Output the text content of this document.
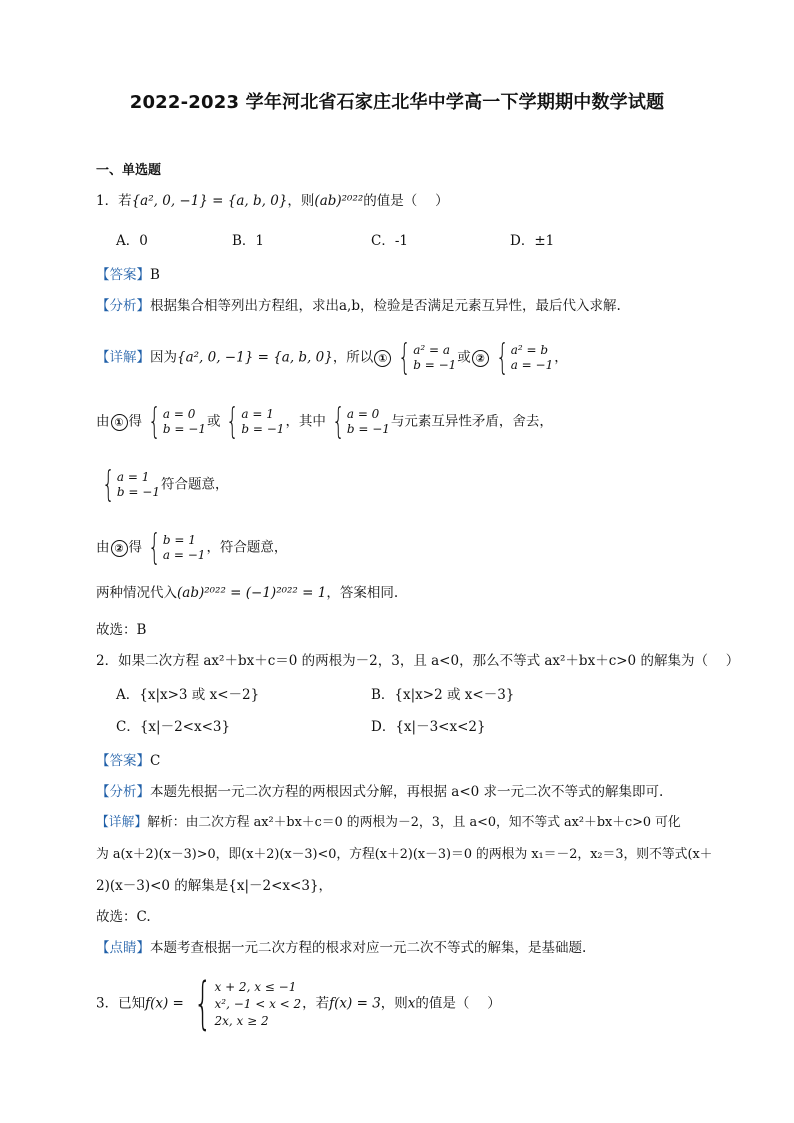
2022-2023 学年河北省石家庄北华中学高一下学期期中数学试题
一、单选题
1．若{a², 0, −1} = {a, b, 0}，则(ab)²⁰²²的值是（　 ）
A．0	B．1	C．-1	D．±1
【答案】B
【分析】根据集合相等列出方程组，求出a,b，检验是否满足元素互异性，最后代入求解.
【详解】因为{a², 0, −1} = {a, b, 0}，所以 ① { a² = a
b = −1 或 ② { a² = b
a = −1 ，
由 ① 得 { a = 0
b = −1 或 { a = 1
b = −1 ，其中 { a = 0
b = −1 与元素互异性矛盾，舍去，
{ a = 1
b = −1 符合题意，
由 ② 得 { b = 1
a = −1 ，符合题意，
两种情况代入(ab)²⁰²² = (−1)²⁰²² = 1，答案相同.
故选：B
2．如果二次方程 ax²＋bx＋c＝0 的两根为－2，3，且 a<0，那么不等式 ax²＋bx＋c>0 的解集为（　 ）
A．{x|x>3 或 x<－2}	B．{x|x>2 或 x<－3}
C．{x|－2<x<3}	D．{x|－3<x<2}
【答案】C
【分析】本题先根据一元二次方程的两根因式分解，再根据 a<0 求一元二次不等式的解集即可.
【详解】解析：由二次方程 ax²＋bx＋c＝0 的两根为－2，3，且 a<0，知不等式 ax²＋bx＋c>0 可化
为 a(x＋2)(x－3)>0，即(x＋2)(x－3)<0，方程(x＋2)(x－3)＝0 的两根为 x₁＝－2，x₂＝3，则不等式(x＋
2)(x－3)<0 的解集是{x|－2<x<3}，
故选：C.
【点睛】本题考查根据一元二次方程的根求对应一元二次不等式的解集，是基础题.
3．已知f(x) = { x + 2, x ≤ −1
x², −1 < x < 2
2x, x ≥ 2
，若f(x) = 3，则x的值是（　 ）
